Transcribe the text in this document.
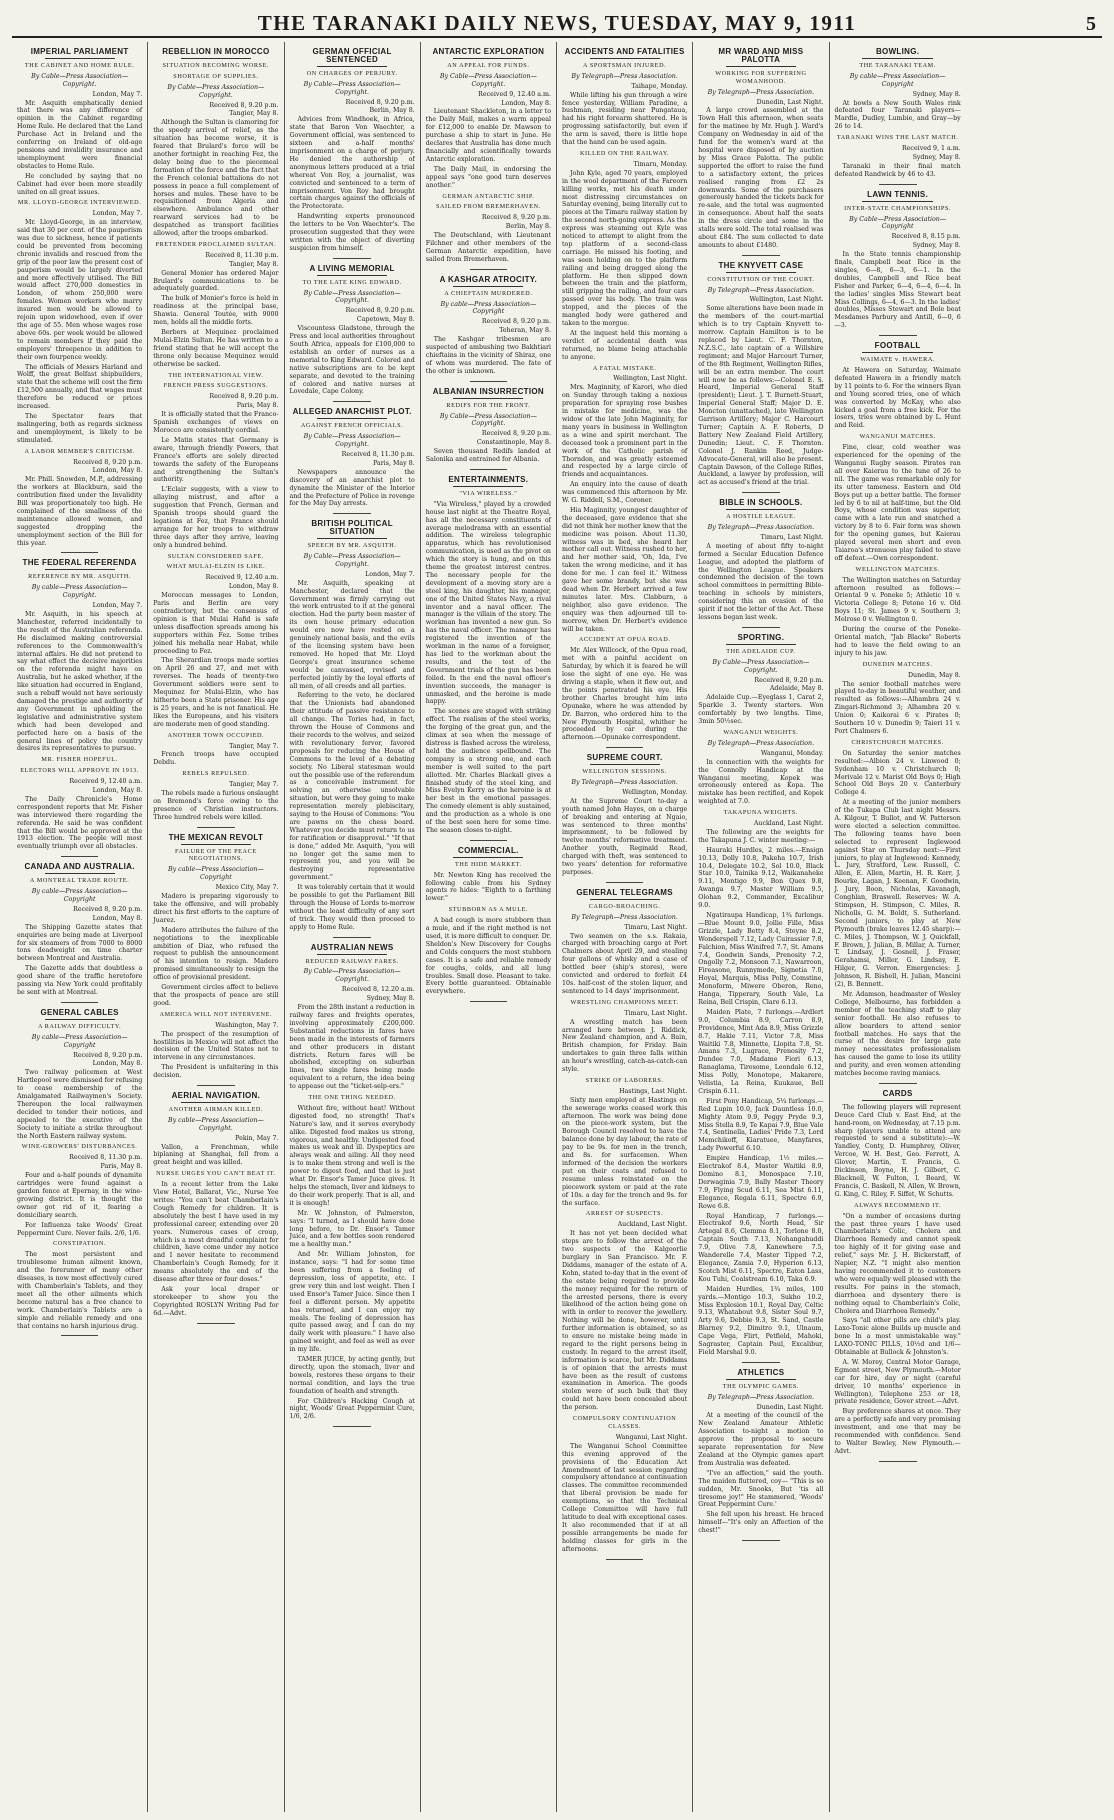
THE TARANAKI DAILY NEWS, TUESDAY, MAY 9, 1911	5
IMPERIAL PARLIAMENT
THE CABINET AND HOME RULE.
By Cable—Press Association—Copyright.
London, May 7.

Mr. Asquith emphatically denied that there was any difference of opinion in the Cabinet regarding Home Rule. He declared that the Land Purchase Act in Ireland and the conferring on Ireland of old-age pensions and invalidity insurance and unemployment were financial obstacles to Home Rule.

He concluded by saying that no Cabinet had ever been more steadily united on all great issues.

MR. LLOYD-GEORGE INTERVIEWED.
London, May 7.

Mr. Lloyd-George, in an interview, said that 30 per cent. of the pauperism was due to sickness, hence if patients could be prevented from becoming chronic invalids and rescued from the grip of the poor law the present cost of pauperism would be largely diverted and more effectively utilised. The Bill would affect 270,000 domestics in London, of whom 250,000 were females. Women workers who marry insured men would be allowed to rejoin upon widowhood, even if over the age of 55. Men whose wages rose above 60s. per week would be allowed to remain members if they paid the employers' threepence in addition to their own fourpence weekly.

The officials of Messrs Harland and Wolff, the great Belfast shipbuilders, state that the scheme will cost the firm £12,500 annually, and that wages must therefore be reduced or prices increased.

The Spectator fears that malingering, both as regards sickness and unemployment, is likely to be stimulated.

A LABOR MEMBER'S CRITICISM.
Received 8, 9.20 p.m.
London, May 8.

Mr. Phill. Snowden, M.P., addressing the workers at Blackburn, said the contribution fixed under the Invalidity Bill was proportionately too high. He complained of the smallness of the maintenance allowed women, and suggested dropping the unemployment section of the Bill for this year.

THE FEDERAL REFERENDA
REFERENCE BY MR. ASQUITH.
By cable—Press Association—Copyright.
London, May 7.

Mr. Asquith, in his speech at Manchester, referred incidentally to the result of the Australian referenda. He disclaimed making controversial references to the Commonwealth's internal affairs. He did not pretend to say what effect the decisive majorities on the referenda might have on Australia, but he asked whether, if the like situation had occurred in England, such a rebuff would not have seriously damaged the prestige and authority of any Government in upholding the legislative and administrative system which had been developed and perfected here on a basis of the general lines of policy the country desires its representatives to pursue.

MR. FISHER HOPEFUL.
ELECTORS WILL APPROVE IN 1913.
Received 9, 12.40 a.m.
London, May 8.

The Daily Chronicle's Home correspondent reports that Mr. Fisher was interviewed there regarding the referenda. He said he was confident that the Bill would be approved at the 1913 election. The people will most eventually triumph over all obstacles.

CANADA AND AUSTRALIA.
A MONTREAL TRADE ROUTE.
By cable—Press Association—Copyright
Received 8, 9.20 p.m.
London, May 8.

The Shipping Gazette states that enquiries are being made at Liverpool for six steamers of from 7000 to 8000 tons deadweight on time charter between Montreal and Australia.

The Gazette adds that doubtless a good share of the traffic heretofore passing via New York could profitably be sent with at Montreal.

GENERAL CABLES
A RAILWAY DIFFICULTY.
By cable—Press Association—Copyright
Received 8, 9.20 p.m.
London, May 8.

Two railway policemen at West Hartlepool were dismissed for refusing to cease membership of the Amalgamated Railwaymen's Society. Thereupon the local railwaymen decided to tender their notices, and appealed to the executive of the Society to initiate a strike throughout the North Eastern railway system.

WINE-GROWERS' DISTURBANCES.
Received 8, 11.30 p.m.
Paris, May 8.

Four and a-half pounds of dynamite cartridges were found against a garden fence at Epernay, in the wine-growing district. It is thought the owner got rid of it, fearing a domiciliary search.

For Influenza take Woods' Great Peppermint Cure. Never fails. 2/6, 1/6.

CONSTIPATION.

The most persistent and troublesome human ailment known, and the forerunner of many other diseases, is now most effectively cured with Chamberlain's Tablets, and they meet all the other ailments which become natural has a free chance to work. Chamberlain's Tablets are a simple and reliable remedy and one that contains no harsh injurious drug.

REBELLION IN MOROCCO
SITUATION BECOMING WORSE.
SHORTAGE OF SUPPLIES.
By Cable—Press Association—Copyright.
Received 8, 9.20 p.m.
Tangier, May 8.

Although the Sultan is clamoring for the speedy arrival of relief, as the situation has become worse, it is feared that Brulard's force will be another fortnight in reaching Fez, the delay being due to the piecemeal formation of the force and the fact that the French colonial battalions do not possess in peace a full complement of horses and mules. These have to be requisitioned from Algeria and elsewhere. Ambulance and other rearward services had to be despatched as transport facilities allowed, after the troops embarked.

PRETENDER PROCLAIMED SULTAN.
Received 8, 11.30 p.m.
Tangier, May 8.

General Monier has ordered Major Brulard's communications to be adequately guarded.

The bulk of Monier's force is held in readiness at the principal base, Shawia. General Toutée, with 9000 men, holds all the middle forts.

Berbers at Mequinez proclaimed Mulai-Elzin Sultan. He has written to a friend stating that he will accept the throne only because Mequinez would otherwise be sacked.

THE INTERNATIONAL VIEW.
FRENCH PRESS SUGGESTIONS.
Received 8, 9.20 p.m.
Paris, May 8.

It is officially stated that the Franco-Spanish exchanges of views on Morocco are consistently cordial.

Le Matin states that Germany is aware, through friendly Powers, that France's efforts are solely directed towards the safety of the Europeans and strengthening the Sultan's authority.

L'Eclair suggests, with a view to allaying mistrust, and after a suggestion that French, German and Spanish troops should guard the legations at Fez, that France should arrange for her troops to withdraw three days after they arrive, leaving only a hundred behind.

SULTAN CONSIDERED SAFE.
WHAT MULAI-ELZIN IS LIKE.
Received 9, 12.40 a.m.
London, May 8.

Moroccan messages to London, Paris and Berlin are very contradictory, but the consensus of opinion is that Mulai Hafid is safe unless disaffection spreads among his supporters within Fez. Some tribes joined his mehalla near Habat, while proceeding to Fez.

The Sherardian troops made sorties on April 26 and 27, and met with reverses. The heads of twenty-two Government soldiers were sent to Mequinez for Mulai-Elzin, who has hitherto been a State prisoner. His age is 25 years, and he is not fanatical. He likes the Europeans, and his visiters are moderate men of good standing.

ANOTHER TOWN OCCUPIED.
Tangier, May 7.

French troops have occupied Debdu.

REBELS REPULSED.
Tangier, May 7.

The rebels made a furious onslaught on Bremond's force owing to the presence of Christian instructors. Three hundred rebels were killed.

THE MEXICAN REVOLT
FAILURE OF THE PEACE NEGOTIATIONS.
By cable—Press Association—Copyright
Mexico City, May 7.

Madero is preparing vigorously to take the offensive, and will probably direct his first efforts to the capture of Juarez.

Madero attributes the failure of the negotiations to the inexplicable ambition of Diaz, who refused the request to publish the announcement of his intention to resign. Madero promised simultaneously to resign the office of provisional president.

Government circles affect to believe that the prospects of peace are still good.

AMERICA WILL NOT INTERVENE.
Washington, May 7.

The prospect of the resumption of hostilities in Mexico will not affect the decision of the United States not to intervene in any circumstances.

The President is unfaltering in this decision.

AERIAL NAVIGATION.
ANOTHER AIRMAN KILLED.
By cable—Press Association—Copyright.
Pekin, May 7.

Vallon, a Frenchman, while biplaning at Shanghai, fell from a great height and was killed.

NURSE URGES YOU CAN'T BEAT IT.

In a recent letter from the Lake View Hotel, Ballarat, Vic., Nurse Yee writes: "You can't beat Chamberlain's Cough Remedy for children. It is absolutely the best I have used in my professional career, extending over 20 years. Numerous cases of croup, which is a most dreadful complaint for children, have come under my notice and I never hesitate to recommend Chamberlain's Cough Remedy, for it means absolutely the end of the disease after three or four doses."

Ask your local draper or storekeeper to show you the Copyrighted ROSLYN Writing Pad for 6d.—Advt.

GERMAN OFFICIAL SENTENCED
ON CHARGES OF PERJURY.
By Cable—Press Association—Copyright.
Received 8, 9.20 p.m.
Berlin, May 8.

Advices from Windhoek, in Africa, state that Baron Von Waechter, a Government official, was sentenced to sixteen and a-half months' imprisonment on a charge of perjury. He denied the authorship of anonymous letters produced at a trial whereat Von Roy, a journalist, was convicted and sentenced to a term of imprisonment. Von Roy had brought certain charges against the officials of the Protectorate.

Handwriting experts pronounced the letters to be Von Waechter's. The prosecution suggested that they were written with the object of diverting suspicion from himself.

A LIVING MEMORIAL
TO THE LATE KING EDWARD.
By Cable—Press Association—Copyright.
Received 8, 9.20 p.m.
Capetown, May 8.

Viscountess Gladstone, through the Press and local authorities throughout South Africa, appeals for £100,000 to establish an order of nurses as a memorial to King Edward. Colored and native subscriptions are to be kept separate, and devoted to the training of colored and native nurses at Lovedale, Cape Colony.

ALLEGED ANARCHIST PLOT.
AGAINST FRENCH OFFICIALS.
By Cable—Press Association—Copyright.
Received 8, 11.30 p.m.
Paris, May 8.

Newspapers announce the discovery of an anarchist plot to dynamite the Minister of the Interior and the Prefecture of Police in revenge for the May Day arrests.

BRITISH POLITICAL SITUATION
SPEECH BY MR. ASQUITH.
By Cable—Press Association—Copyright.
London, May 7.

Mr. Asquith, speaking at Manchester, declared that the Government was firmly carrying out the work entrusted to it at the general election. Had the party been master of its own house primary education would ere now have rested on a genuinely national basis, and the evils of the licensing system have been removed. He hoped that Mr. Lloyd George's great insurance scheme would be canvassed, revised and perfected jointly by the loyal efforts of all men, of all creeds and all parties.

Referring to the veto, he declared that the Unionists had abandoned their attitude of passive resistance to all change. The Tories had, in fact, thrown the House of Commons and their records to the wolves, and seized with revolutionary fervor, favored proposals for reducing the House of Commons to the level of a debating society. No Liberal statesman would out the possible use of the referendum as a conceivable instrument for solving an otherwise unsolvable situation, but were they going to make representation merely plebiscitary, saying to the House of Commons: "You are pawns on the chess board. Whatever you decide must return to us for ratification or disapproval." "If that is done," added Mr. Asquith, "you will no longer get the same men to represent you, and you will be destroying representative government."

It was tolerably certain that it would be possible to get the Parliament Bill through the House of Lords to-morrow without the least difficulty of any sort of trick. They would then proceed to apply to Home Rule.

AUSTRALIAN NEWS
REDUCED RAILWAY FARES.
By Cable—Press Association—Copyright.
Received 8, 12.20 a.m.
Sydney, May 8.

From the 28th instant a reduction in railway fares and freights operates, involving approximately £200,000. Substantial reductions in fares have been made in the interests of farmers and other producers in distant districts. Return fares will be abolished, excepting on suburban lines, two single fares being made equivalent to a return, the idea being to appease out the "ticket-selp-ers."

THE ONE THING NEEDED.

Without fire, without heat! Without digested food, no strength! That's Nature's law, and it serves everybody alike. Digested food makes us strong, vigorous, and healthy. Undigested food makes us weak and ill. Dyspeptics are always weak and ailing. All they need is to make them strong and well is the power to digest food, and that is just what Dr. Ensor's Tamer Juice gives. It helps the stomach, liver and kidneys to do their work properly. That is all, and it is enough!

Mr. W. Johnston, of Palmerston, says: "I turned, as I should have done long before, to Dr. Ensor's Tamer Juice, and a few bottles soon rendered me a healthy man."

And Mr. William Johnston, for instance, says: "I had for some time been suffering from a feeling of depression, loss of appetite, etc. I grew very thin and lost weight. Then I used Ensor's Tamer Juice. Since then I feel a different person. My appetite has returned, and I can enjoy my meals. The feeling of depression has quite passed away, and I can do my daily work with pleasure." I have also gained weight, and feel as well as ever in my life.

TAMER JUICE, by acting gently, but directly, upon the stomach, liver and bowels, restores these organs to their normal condition, and lays the true foundation of health and strength.

For Children's Hacking Cough at night, Woods' Great Peppermint Cure, 1/6, 2/6.

ANTARCTIC EXPLORATION
AN APPEAL FOR FUNDS.
By Cable—Press Association—Copyright.
Received 9, 12.40 a.m.
London, May 8.

Lieutenant Shackleton, in a letter to the Daily Mail, makes a warm appeal for £12,000 to enable Dr. Mawson to purchase a ship to start in June. He declares that Australia has done much financially and scientifically towards Antarctic exploration.

The Daily Mail, in endorsing the appeal says "one good turn deserves another."

GERMAN ANTARCTIC SHIP.
SAILED FROM BREMERHAVEN.
Received 8, 9.20 p.m.
Berlin, May 8.

The Deutschland, with Lieutenant Filchner and other members of the German Antarctic expedition, have sailed from Bremerhaven.

A KASHGAR ATROCITY.
A CHIEFTAIN MURDERED.
By cable—Press Association—Copyright
Received 8, 9.20 p.m.
Teheran, May 8.

The Kashgar tribesmen are suspected of ambushing two Bakhtiari chieftains in the vicinity of Shiraz, one of whom was murdered. The fate of the other is unknown.

ALBANIAN INSURRECTION
REDIFS FOR THE FRONT.
By Cable—Press Association—Copyright.
Received 8, 9.20 p.m.
Constantinople, May 8.

Seven thousand Redifs landed at Salonika and entrained for Albania.

ENTERTAINMENTS.
"VIA WIRELESS."

"Via Wireless," played by a crowded house last night at the Theatre Royal, has all the necessary constituents of average melodrama with an essential addition. The wireless telegraphic apparatus, which has revolutionised communication, is used as the pivot on which the story is hung, and on this theme the greatest interest centres. The necessary people for the development of a moving story are a steel king, his daughter, his manager, one of the United States Navy, a rival inventor and a naval officer. The manager is the villain of the story. The workman has invented a new gun. So has the naval officer. The manager has registered the invention of the workman in the name of a foreigner, has lied to the workman about the results, and the test of the Government trials of the gun has been foiled. In the end the naval officer's invention succeeds, the manager is unmasked, and the heroine is made happy.

The scenes are staged with striking effect. The realism of the steel works, the forging of the great gun, and the climax at sea when the message of distress is flashed across the wireless, held the audience spellbound. The company is a strong one, and each member is well suited to the part allotted. Mr. Charles Blackall gives a finished study of the steel king, and Miss Evelyn Kerry as the heroine is at her best in the emotional passages. The comedy element is ably sustained, and the production as a whole is one of the best seen here for some time. The season closes to-night.

COMMERCIAL.
THE HIDE MARKET.

Mr. Newton King has received the following cable from his Sydney agents re hides: "Eighth to a farthing lower."

STUBBORN AS A MULE.

A bad cough is more stubborn than a mule, and if the right method is not used, it is more difficult to conquer. Dr. Sheldon's New Discovery for Coughs and Colds conquers the most stubborn cases. It is a safe and reliable remedy for coughs, colds, and all lung troubles. Small dose. Pleasant to take. Every bottle guaranteed. Obtainable everywhere.

ACCIDENTS AND FATALITIES
A SPORTSMAN INJURED.
By Telegraph—Press Association.
Taihape, Monday.

While lifting his gun through a wire fence yesterday, William Paradine, a bushman, residing near Pungataua, had his right forearm shattered. He is progressing satisfactorily, but even if the arm is saved, there is little hope that the hand can be used again.

KILLED ON THE RAILWAY.
Timaru, Monday.

John Kyle, aged 70 years, employed in the wool department of the Fareorn killing works, met his death under most distressing circumstances on Saturday evening, being literally cut to pieces at the Timaru railway station by the second north-going express. As the express was steaming out Kyle was noticed to attempt to alight from the top platform of a second-class carriage. He missed his footing, and was seen holding on to the platform railing and being dragged along the platform. He then slipped down between the train and the platform, still gripping the railing, and four cars passed over his body. The train was stopped, and the pieces of the mangled body were gathered and taken to the morgue.

At the inquest held this morning a verdict of accidental death was returned, no blame being attachable to anyone.

A FATAL MISTAKE.
Wellington, Last Night.

Mrs. Maginnity, of Karori, who died on Sunday through taking a noxious preparation for spraying rose bushes in mistake for medicine, was the widow of the late John Maginnity, for many years in business in Wellington as a wine and spirit merchant. The deceased took a prominent part in the work of the Catholic parish of Thorndon, and was greatly esteemed and respected by a large circle of friends and acquaintances.

An enquiry into the cause of death was commenced this afternoon by Mr. W. G. Riddell, S.M., Coroner.

Hia Maginnity, youngest daughter of the deceased, gave evidence that she did not think her mother knew that the medicine was poison. About 11.30, witness was in bed, she heard her mother call out. Witness rushed to her, and her mother said, 'Oh, Ida, I've taken the wrong medicine, and it has done for me. I can feel it.' Witness gave her some brandy, but she was dead when Dr. Herbert arrived a few minutes later. Mrs. Clabburn, a neighbor, also gave evidence. The enquiry was then adjourned till to-morrow, when Dr. Herbert's evidence will be taken.

ACCIDENT AT OPUA ROAD.

Mr. Alex Willcock, of the Opua road, met with a painful accident on Saturday, by which it is feared he will lose the sight of one eye. He was driving a staple, when it flew out, and the points penetrated his eye. His brother Charles brought him into Opunake, where he was attended by Dr. Barron, who ordered him to the New Plymouth Hospital, whither he proceeded by car during the afternoon.—Opunake correspondent.

SUPREME COURT.
WELLINGTON SESSIONS.
By Telegraph—Press Association.
Wellington, Monday.

At the Supreme Court to-day a youth named John Hayes, on a charge of breaking and entering at Ngaio, was sentenced to three months' imprisonment, to be followed by twelve months' reformative treatment. Another youth, Reginald Read, charged with theft, was sentenced to two years' detention for reformative purposes.

GENERAL TELEGRAMS
CARGO-BROACHING.
By Telegraph—Press Association.
Timaru, Last Night.

Two seamen on the s.s. Rakaia, charged with broaching cargo at Port Chalmers about April 29, and stealing four gallons of whisky and a case of bottled beer (ship's stores), were convicted and ordered to forfeit £4 10s. half-cost of the stolen liquor, and sentenced to 14 days' imprisonment.

WRESTLING CHAMPIONS MEET.
Timaru, Last Night.

A wrestling match has been arranged here between J. Riddick, New Zealand champion, and A. Bain, British champion, for Friday. Bain undertakes to gain three falls within an hour's wrestling, catch-as-catch-can style.

STRIKE OF LABORERS.
Hastings, Last Night.

Sixty men employed at Hastings on the sewerage works ceased work this afternoon. The work was being done on the piece-work system, but the Borough Council resolved to have the balance done by day labour, the rate of pay to be 9s. for men in the trench, and 8s. for surfacemen. When informed of the decision the workers put on their coats and refused to resume unless reinstated on the piecework system or paid at the rate of 10s. a day for the trench and 9s. for the surface.

ARREST OF SUSPECTS.
Auckland, Last Night.

It has not yet been decided what steps are to follow the arrest of the two suspects of the Kalgoorlie burglary in San Francisco. Mr. F. Diddams, manager of the estate of A. Kohn, stated to-day that in the event of the estate being required to provide the money required for the return of the arrested persons, there is every likelihood of the action being gone on with in order to recover the jewellery. Nothing will be done, however, until further information is obtained, so as to ensure no mistake being made in regard to the right persons being in custody. In regard to the arrest itself, information is scarce, but Mr. Diddams is of opinion that the arrests must have been as the result of customs examination in America. The goods stolen were of such bulk that they could not have been concealed about the person.

COMPULSORY CONTINUATION CLASSES.
Wanganui, Last Night.

The Wanganui School Committee this evening approved of the provisions of the Education Act Amendment of last session regarding compulsory attendance at continuation classes. The committee recommended that liberal provision be made for exemptions, so that the Technical College Committee will have full latitude to deal with exceptional cases. It also recommended that if at all possible arrangements be made for holding classes for girls in the afternoons.

MR WARD AND MISS PALOTTA
WORKING FOR SUFFERING WOMANHOOD.
By Telegraph—Press Association.
Dunedin, Last Night.

A large crowd assembled at the Town Hall this afternoon, when seats for the matinee by Mr. Hugh J. Ward's Company on Wednesday in aid of the fund for the women's ward at the hospital were disposed of by auction by Miss Grace Palotta. The public supported the effort to raise the fund to a satisfactory extent, the prices realised ranging from £2 2s downwards. Some of the purchasers generously handed the tickets back for re-sale, and the total was augmented in consequence. About half the seats in the dress circle and some in the stalls were sold. The total realised was about £84. The sum collected to date amounts to about £1480.

THE KNYVETT CASE
CONSTITUTION OF THE COURT.
By Telegraph—Press Association.
Wellington, Last Night.

Some alterations have been made in the members of the court-martial which is to try Captain Knyvett to-morrow. Captain Hamilton is to be replaced by Lieut. C. F. Thornton, N.Z.S.C., late captain of a Willshire regiment; and Major Harcourt Turner, of the 8th Regiment, Wellington Rifles, will be an extra member. The court will now be as follows:—Colonel E. S. Heard, Imperial General Staff (president); Lieut. J. T. Burnett-Stuart, Imperial General Staff; Major D. E. Moncton (unattached), late Wellington Garrison Artillery; Major C. Harcourt Turner; Captain A. F. Roberts, D Battery New Zealand Field Artillery, Dunedin; Lieut. C. F. Thornton. Colonel J. Rankin Reed, Judge-Advocate-General, will also be present. Captain Dawson, of the College Rifles, Auckland, a lawyer by profession, will act as accused's friend at the trial.

BIBLE IN SCHOOLS.
A HOSTILE LEAGUE.
By Telegraph—Press Association.
Timaru, Last Night.

A meeting of about fifty to-night formed a Secular Education Defence League, and adopted the platform of the Wellington League. Speakers condemned the decision of the town school committees in permitting Bible-teaching in schools by ministers, considering this an evasion of the spirit if not the letter of the Act. These lessons began last week.

SPORTING.
THE ADELAIDE CUP.
By Cable—Press Association—Copyright.
Received 8, 9.20 p.m.
Adelaide, May 8.

Adelaide Cup.—Eyeglass 1, Carat 2, Sparkle 3. Twenty starters. Won comfortably by two lengths. Time, 3min 50½sec.

WANGANUI WEIGHTS.
By Telegraph—Press Association.
Wanganui, Monday.

In connection with the weights for the Connolly Handicap at the Wanganui meeting, Kopek was erroneously entered as Kopa. The mistake has been rectified, and Kopek weighted at 7.0.

TAKAPUNA WEIGHTS.
Auckland, Last Night.

The following are the weights for the Takapuna J. C. winter meeting:—

Hauraki Hurdles, 2 miles.—Ensign 10.13, Dolly 10.8, Pakeha 10.7, Irish 10.4, Delegate 10.2, Sol 10.0, Black Star 10.0, Tainika 9.12, Waikanaheke 9.11, Montigo 9.9, Bon Quex 9.8, Awanga 9.7, Master William 9.5, Olohan 9.2, Commander, Excalibur 9.0.

Ngatiraupa Handicap, 1¾ furlongs.—Blue Mount 9.0, Jollie Fille, Miss Grizzle, Lady Betty 8.4, Steyne 8.2, Wonderspell 7.12, Lady Cuirassier 7.8, Falchion, Miss Winifred 7.7, St. Amans 7.4, Goodwin Sands, Prenosity 7.2, Ongolly 7.2, Monsoon 7.1, Nawarroon, Fireasone, Runnymede, Signetia 7.0, Hoyal, Marquis, Miss Polly, Comstine, Monoform, Miwere Oberon, Reno, Hanga, Tipperary, South Vale, La Reina, Bell Crispin, Clare 6.13.

Maiden Plate, 7 furlongs.—Ardlert 9.0, Columbia 8.9, Carron 8.9, Providence, Mint Ada 8.9, Miss Grizzle 8.7, Hakie 7.11, Victor 7.8, Miss Waitiki 7.8, Minnette, Llopita 7.8, St. Amans 7.3, Lugrace, Prenosity 7.2, Dundee 7.0, Madame Fiori 6.13, Ranaglama, Tiresome, Leondale 6.12, Miss Polly, Monotope, Makarere, Velistia, La Reina, Kuukaue, Bell Crispin 6.11.

First Pony Handicap, 5¼ furlongs.—Red Lupin 10.0, Jack Dauntless 10.0, Mighty Atom 9.9, Peggy Pryde 9.3, Miss Stella 8.9, Te Kapai 7.9, Blue Vale 7.4, Sentinella, Ladies' Pride 7.3, Lord Memchikoff, Kiaratuee, Manyfares, Lady Powerful 6.10.

Empire Handicap, 1½ miles.—Electrakof 8.4, Master Waitiki 8.9, Domino 8.1, Monospace 7.10, Derwaginia 7.9, Bally Master Theory 7.9, Flying Scud 6.11, Sea Mist 6.11, Elegance, Regala 6.11, Spectre 6.9, Rowe 6.8.

Royal Handicap, 7 furlongs.—Electrakof 9.6, North Head, Sir Artegal 8.6, Clemma 8.1, Torlone 8.0, Captain South 7.13, Nohangahuddi 7.9, Olive 7.8, Kanewhere 7.5, Wanderelle 7.4, Master Tipped 7.2, Elegance, Zamia 7.0, Hyperion 6.13, Scotch Mist 6.11, Spectre, Eaton Lass, Kou Tuhi, Coalstream 6.10, Taka 6.9.

Maiden Hurdles, 1¾ miles, 100 yards.—Montigo 10.3, Sukho 10.2, Miss Explosion 10.1, Royal Day, Celtic 9.13, Whatabout 9.8, Sister Soul 9.7, Arty 9.6, Debbie 9.3, St. Sand, Castle Blarney 9.2, Dimitro 9.1, Ulnaum, Cape Vega, Flirt, Petfield, Mahoki, Sagraster, Captain Paul, Excalibur, Field Marshal 9.0.

ATHLETICS
THE OLYMPIC GAMES.
By Telegraph—Press Association.
Dunedin, Last Night.

At a meeting of the council of the New Zealand Amateur Athletic Association to-night a motion to approve the proposal to secure separate representation for New Zealand at the Olympic games apart from Australia was defeated.

"I've an affection," said the youth. The maiden fluttered, coy— "This is so sudden, Mr. Snooks, But 'tis all tiresome joy!" He stammered, 'Woods' Great Peppermint Cure.'

She fell upon his breast. He braced himself—"It's only an Affection of the chest!"

BOWLING.
THE TARANAKI TEAM.
By cable—Press Association—Copyright
Sydney, May 8.

At bowls a New South Wales rink defeated four Taranaki players—Mardle, Dudley, Lumbie, and Gray—by 26 to 14.

TARANAKI WINS THE LAST MATCH.
Received 9, 1 a.m.
Sydney, May 8.

Taranaki in their final match defeated Randwick by 46 to 43.

LAWN TENNIS.
INTER-STATE CHAMPIONSHIPS.
By Cable—Press Association—Copyright
Received 8, 8.15 p.m.
Sydney, May 8.

In the State tennis championship finals, Campbell beat Rice in the singles, 6—8, 6—3, 6—1. In the doubles, Campbell and Rice beat Fisher and Parker, 6—4, 6—4, 6—4. In the ladies' singles Miss Stewart beat Miss Collings, 6—4, 6—3. In the ladies' doubles, Misses Stewart and Bole beat Mesdames Parbury and Antill, 6—0, 6—3.

FOOTBALL
WAIMATE v. HAWERA.

At Hawera on Saturday, Waimate defeated Hawera in a friendly match by 11 points to 6. For the winners Ryan and Young scored tries, one of which was converted by McKay, who also kicked a goal from a free kick. For the losers, tries were obtained by L. Hunt and Reid.

WANGANUI MATCHES.

Fine, clear, cold weather was experienced for the opening of the Wanganui Rugby season. Pirates ran all over Kaierau to the tune of 26 to nil. The game was remarkable only for its utter tameness. Eastern and Old Boys put up a better battle. The former led by 6 to nil at half-time, but the Old Boys, whose condition was superior, came with a late run and snatched a victory by 8 to 6. Fair form was shown for the opening games, but Kaierau played several men short and even Taiaroa's strenuous play failed to stave off defeat.—Own correspondent.

WELLINGTON MATCHES.

The Wellington matches on Saturday afternoon resulted as follows:—Oriental 9 v. Poneke 5; Athletic 10 v. Victoria College 8; Petone 16 v. Old Boys 11; St. James 9 v. Southern 3; Melrose 0 v. Wellington 0.

During the course of the Poneke-Oriental match, "Jab Blacke" Roberts had to leave the field owing to an injury to his jaw.

DUNEDIN MATCHES.
Dunedin, May 8.

The senior football matches were played to-day in beautiful weather, and resulted as follows:—Alhambra 24 v. Zingari-Richmond 3; Alhambra 20 v. Union 0; Kaikorai 6 v. Pirates 0; Southern 10 v. Dunedin 9; Taieri 11 v. Port Chalmers 6.

CHRISTCHURCH MATCHES.

On Saturday the senior matches resulted:—Albion 24 v. Linwood 0; Sydenham 10 v. Christchurch 0; Merivale 12 v. Marist Old Boys 0; High School Old Boys 20 v. Canterbury College 4.

At a meeting of the junior members of the Tukapa Club last night Messrs. A. Kilgour, T. Bullot, and W. Patterson were elected a selection committee. The following teams have been selected to represent Inglewood against Star on Thursday next:—First juniors, to play at Inglewood: Kennedy, L. Jury, Stratford, Lew. Russell, C. Allen, E. Allen, Martin, H. R. Kerr, J. Bourke, Lagan, J. Keenan, F. Goodwin, J. Jury, Boon, Nicholas, Kavanagh, Conghlan, Braswell. Reserves: W. A. Stimpson, H. Stimpson, C. Miles, R. Nicholls, G. M. Boldt, S. Sutherland. Second juniors, to play at New Plymouth (brake leaves 12.45 sharp):—C. Miles, J. Thompson, W. J. Quickfall, F. Brown, J. Julian, B. Millar, A. Turner, T. Lindsay, J. Gosnell, J. Fraser, Gerahamsi, Miller, G. Lindsay, E. Hilger, G. Verron. Emergencies: J. Johnson, R. Bishell, H. Julian, Mancini (2), B. Bennett.

Mr. Adamson, headmaster of Wesley College, Melbourne, has forbidden a member of the teaching staff to play senior football. He also refuses to allow boarders to attend senior football matches. He says that the curse of the desire for large gate money necessitates professionalism has caused the game to lose its utility and purity, and even women attending matches become raving maniacs.

CARDS

The following players will represent Deuce Card Club v. East End, at the hand-room, on Wednesday, at 7.15 p.m. sharp (players unable to attend are requested to send a substitute):—W. Yandley, Conty, D. Humphrey, Oliver, Vercoe, W. H. Best, Geo. Ferrett, A. Glover, Martin, T. Francis, G. Dickinson, Boyne, H. J. Gilbert, C. Blacknell, W. Fulton, I. Beard, W. Francis, C. Baskell, N. Allen, W. Brown, G. King, C. Riley, F. Siffet, W. Schutts.

ALWAYS RECOMMEND IT.

"On a number of occasions during the past three years I have used Chamberlain's Colic, Cholera and Diarrhoea Remedy and cannot speak too highly of it for giving ease and relief," says Mr. J. H. Bickerstaff, of Napier, N.Z. "I might also mention having recommended it to customers who were equally well pleased with the results. For pains in the stomach, diarrhoea and dysentery there is nothing equal to Chamberlain's Colic, Cholera and Diarrhoea Remedy."

Says "all other pills are child's play. Laxo-Tonic alone Builds up muscle and bone In a most unmistakable way." LAXO-TONIC PILLS, 10½d and 1/6—Obtainable at Bullock & Johnston's.

A. W. Morey, Central Motor Garage, Egmont street, New Plymouth.—Motor car for hire, day or night (careful driver, 10 months' experience in Wellington), Telephone 253 or 18, private residence, Gover street.—Advt.

Buy preference shares at once. They are a perfectly safe and very promising investment, and one that may be recommended with confidence. Send to Walter Bewley, New Plymouth.—Advt.
